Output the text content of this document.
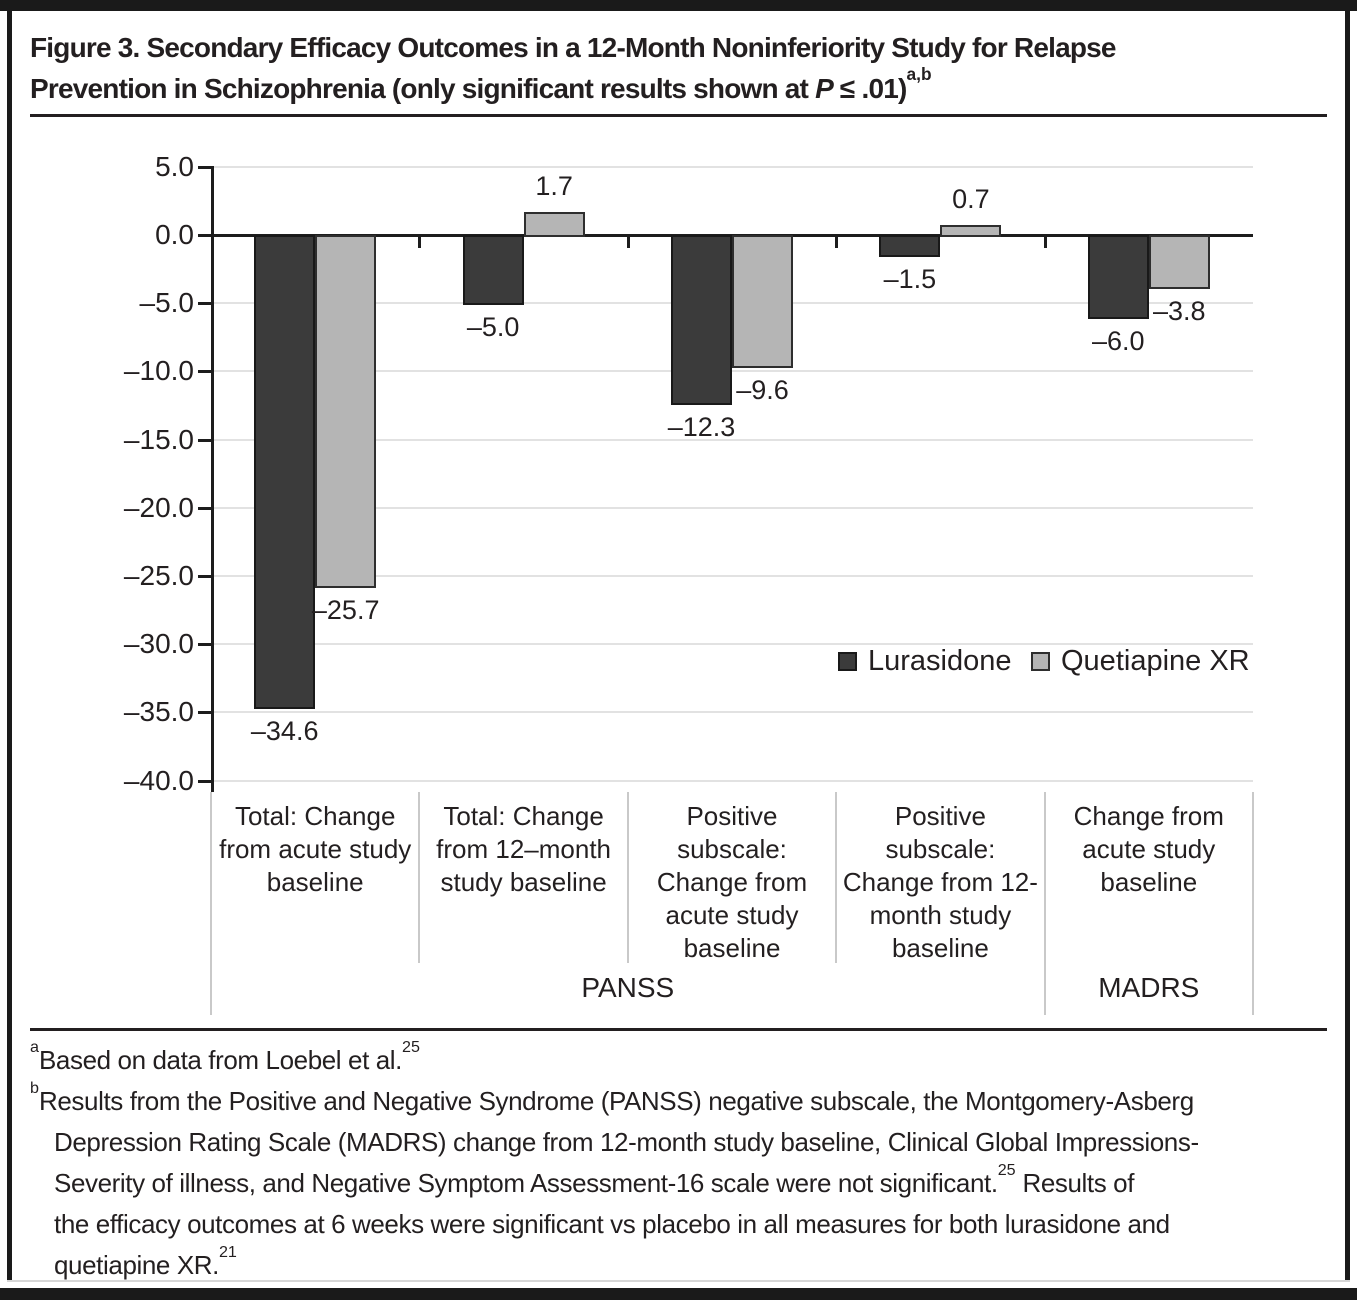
Figure 3. Secondary Efficacy Outcomes in a 12-Month Noninferiority Study for Relapse
Prevention in Schizophrenia (only significant results shown at P ≤ .01)$^{a,b}$
5.0
0.0
–5.0
–10.0
–15.0
–20.0
–25.0
–30.0
–35.0
–40.0
–34.6
–5.0
–12.3
–1.5
–6.0
–25.7
1.7
–9.6
0.7
–3.8
Total: Change from acute study baseline
Total: Change from 12–month study baseline
Positive subscale: Change from acute study baseline
Positive subscale: Change from 12-month study baseline
Change from acute study baseline
PANSS	MADRS
Lurasidone Quetiapine XR
$^a$Based on data from Loebel et al.$^{25}$
$^b$Results from the Positive and Negative Syndrome (PANSS) negative subscale, the Montgomery-Asberg
Depression Rating Scale (MADRS) change from 12-month study baseline, Clinical Global Impressions-
Severity of illness, and Negative Symptom Assessment-16 scale were not significant.$^{25}$ Results of
the efficacy outcomes at 6 weeks were significant vs placebo in all measures for both lurasidone and
quetiapine XR.$^{21}$
